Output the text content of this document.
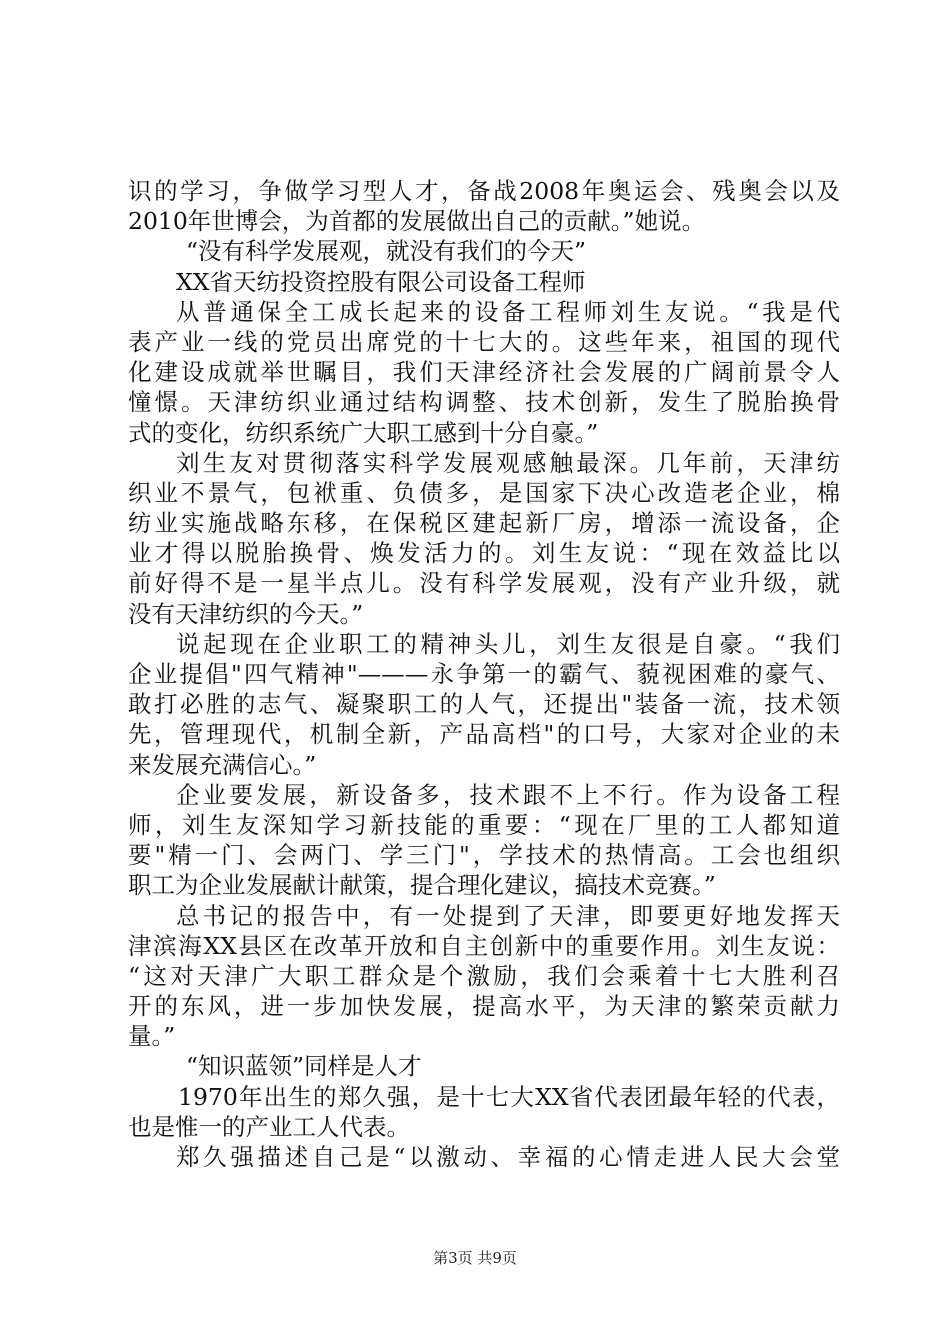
识的学习，争做学习型人才，备战2008年奥运会、残奥会以及
2010年世博会，为首都的发展做出自己的贡献。”她说。
“没有科学发展观，就没有我们的今天”
XX省天纺投资控股有限公司设备工程师
从普通保全工成长起来的设备工程师刘生友说。“我是代
表产业一线的党员出席党的十七大的。这些年来，祖国的现代
化建设成就举世瞩目，我们天津经济社会发展的广阔前景令人
憧憬。天津纺织业通过结构调整、技术创新，发生了脱胎换骨
式的变化，纺织系统广大职工感到十分自豪。”
刘生友对贯彻落实科学发展观感触最深。几年前，天津纺
织业不景气，包袱重、负债多，是国家下决心改造老企业，棉
纺业实施战略东移，在保税区建起新厂房，增添一流设备，企
业才得以脱胎换骨、焕发活力的。刘生友说：“现在效益比以
前好得不是一星半点儿。没有科学发展观，没有产业升级，就
没有天津纺织的今天。”
说起现在企业职工的精神头儿，刘生友很是自豪。“我们
企业提倡"四气精神"———永争第一的霸气、藐视困难的豪气、
敢打必胜的志气、凝聚职工的人气，还提出"装备一流，技术领
先，管理现代，机制全新，产品高档"的口号，大家对企业的未
来发展充满信心。”
企业要发展，新设备多，技术跟不上不行。作为设备工程
师，刘生友深知学习新技能的重要：“现在厂里的工人都知道
要"精一门、会两门、学三门"，学技术的热情高。工会也组织
职工为企业发展献计献策，提合理化建议，搞技术竞赛。”
总书记的报告中，有一处提到了天津，即要更好地发挥天
津滨海XX县区在改革开放和自主创新中的重要作用。刘生友说：
“这对天津广大职工群众是个激励，我们会乘着十七大胜利召
开的东风，进一步加快发展，提高水平，为天津的繁荣贡献力
量。”
“知识蓝领”同样是人才
1970年出生的郑久强，是十七大XX省代表团最年轻的代表，
也是惟一的产业工人代表。
郑久强描述自己是“以激动、幸福的心情走进人民大会堂
第3页 共9页
